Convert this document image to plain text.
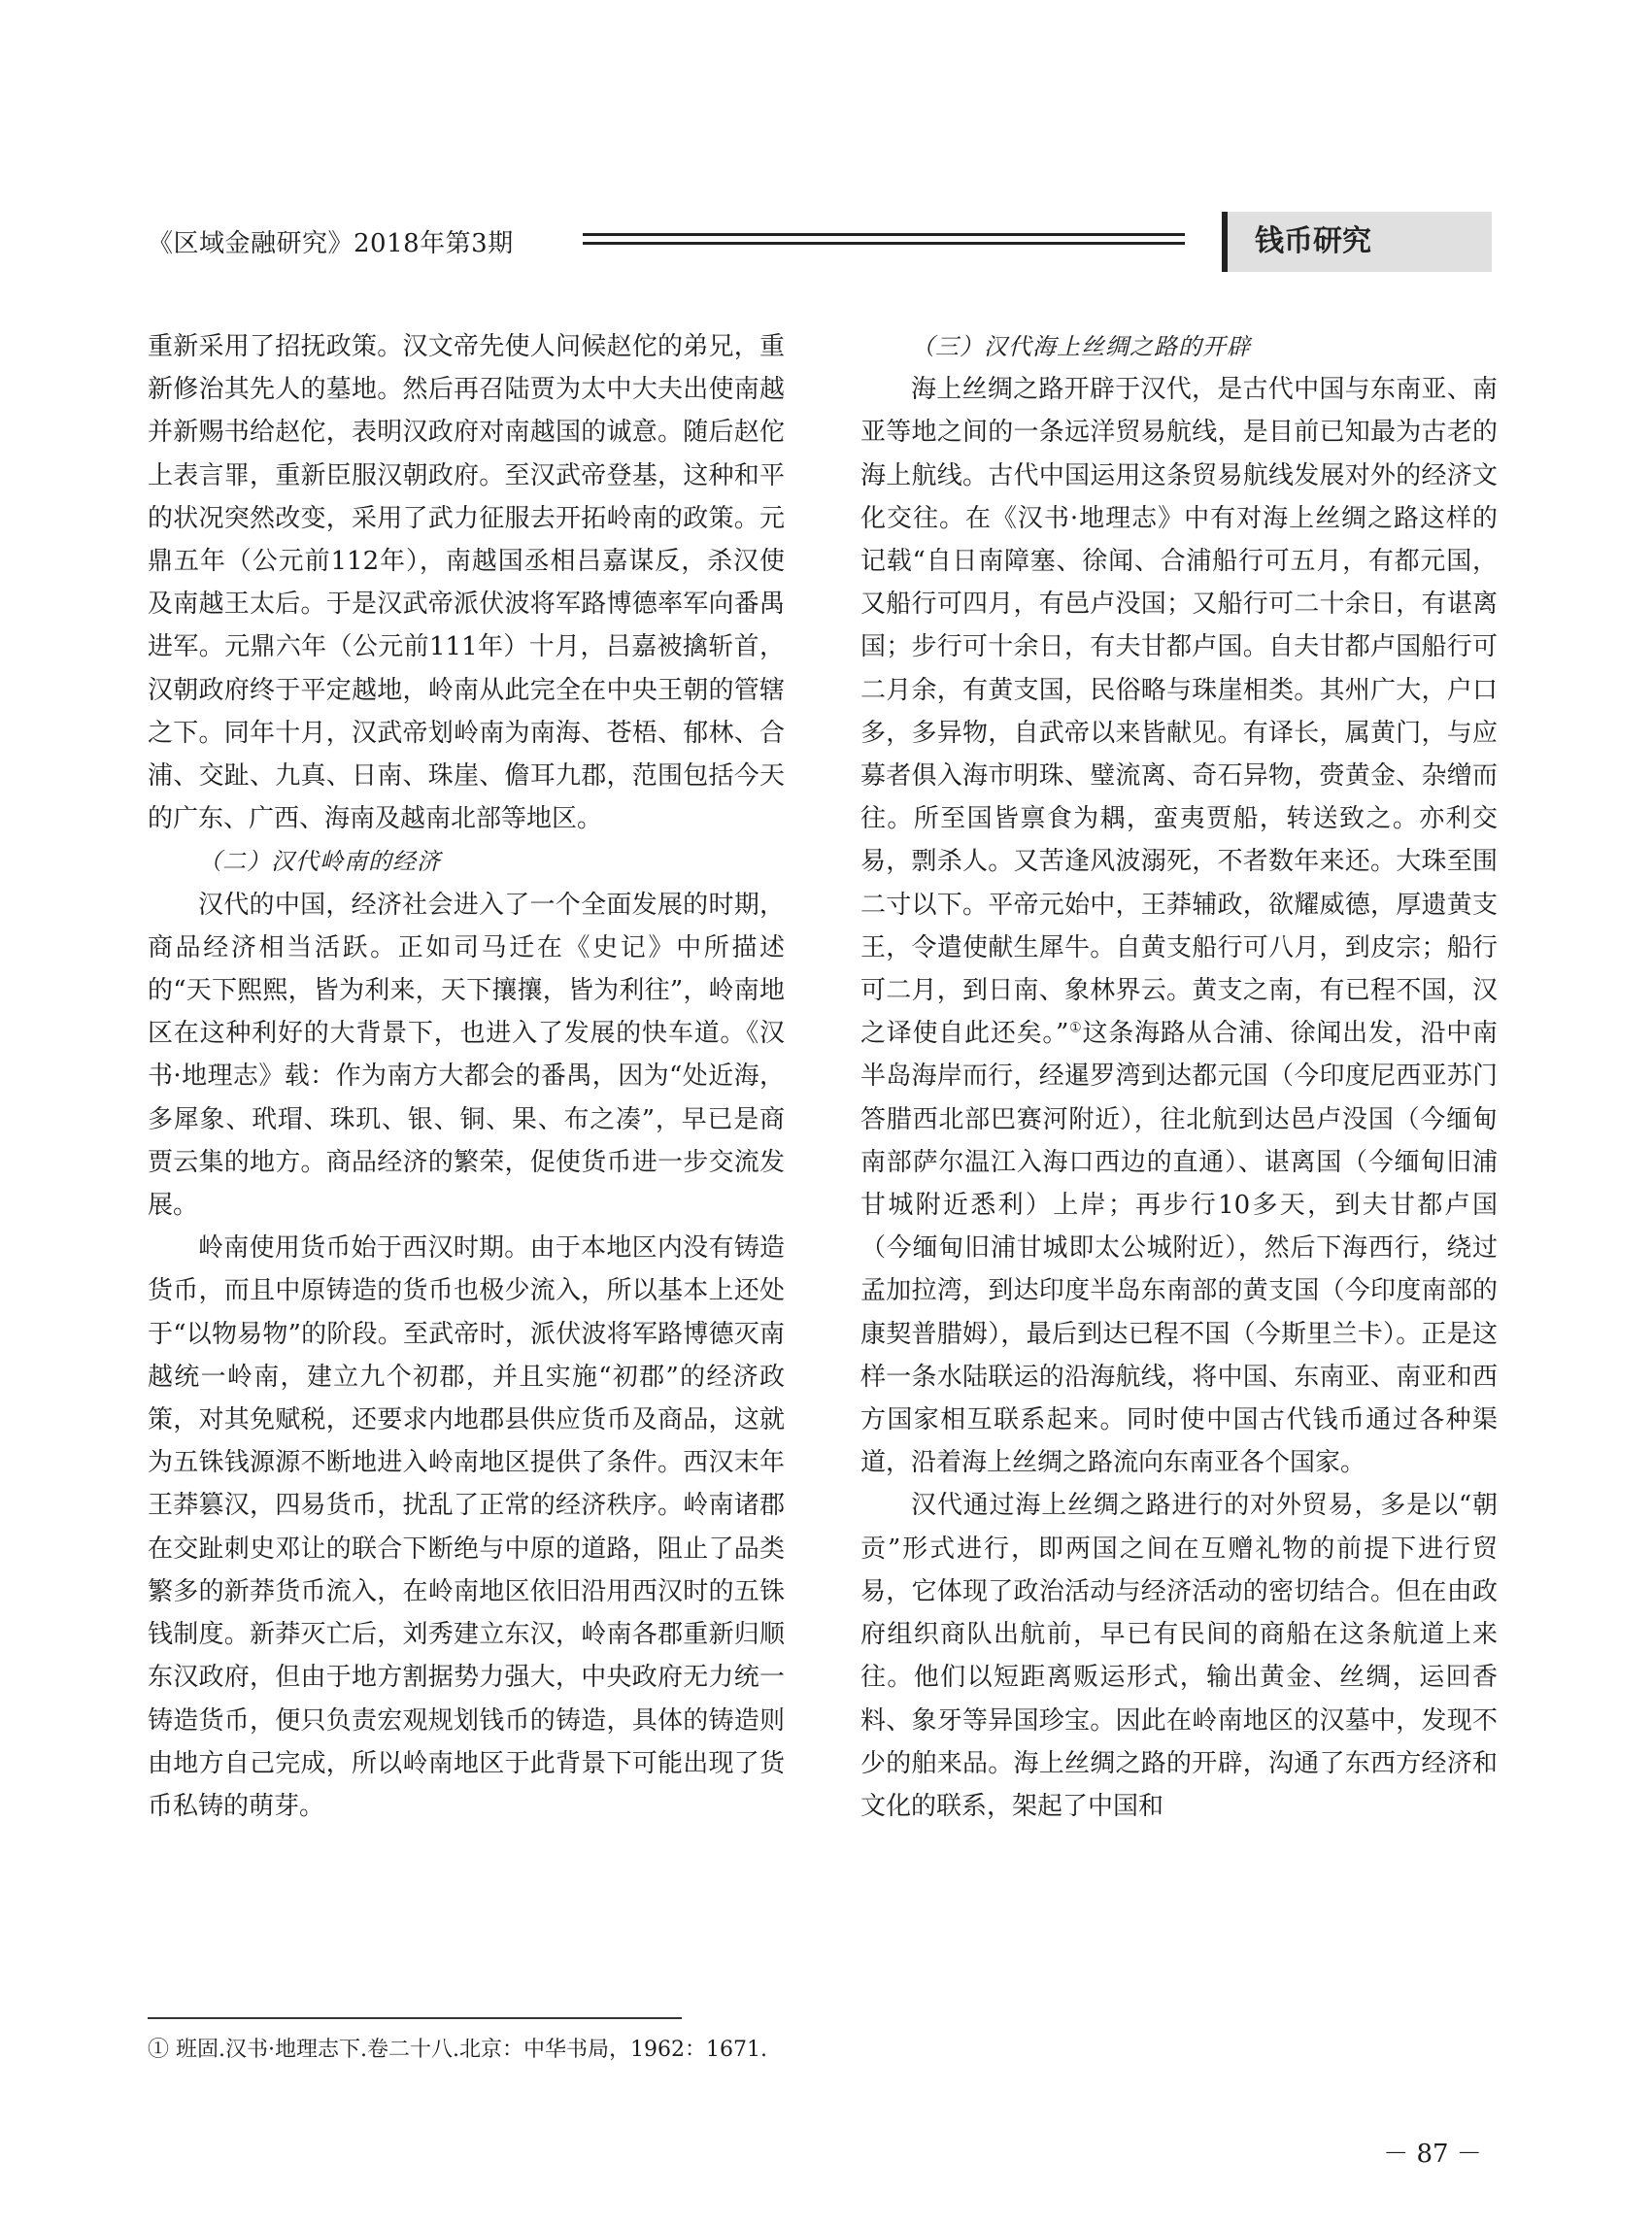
《区域金融研究》2018年第3期	钱币研究

重新采用了招抚政策。汉文帝先使人问候赵佗的弟兄，重新修治其先人的墓地。然后再召陆贾为太中大夫出使南越并新赐书给赵佗，表明汉政府对南越国的诚意。随后赵佗上表言罪，重新臣服汉朝政府。至汉武帝登基，这种和平的状况突然改变，采用了武力征服去开拓岭南的政策。元鼎五年（公元前112年），南越国丞相吕嘉谋反，杀汉使及南越王太后。于是汉武帝派伏波将军路博德率军向番禺进军。元鼎六年（公元前111年）十月，吕嘉被擒斩首，汉朝政府终于平定越地，岭南从此完全在中央王朝的管辖之下。同年十月，汉武帝划岭南为南海、苍梧、郁林、合浦、交趾、九真、日南、珠崖、儋耳九郡，范围包括今天的广东、广西、海南及越南北部等地区。

（二）汉代岭南的经济

汉代的中国，经济社会进入了一个全面发展的时期，商品经济相当活跃。正如司马迁在《史记》中所描述的“天下熙熙，皆为利来，天下攘攘，皆为利往”，岭南地区在这种利好的大背景下，也进入了发展的快车道。《汉书·地理志》载：作为南方大都会的番禺，因为“处近海，多犀象、玳瑁、珠玑、银、铜、果、布之凑”，早已是商贾云集的地方。商品经济的繁荣，促使货币进一步交流发展。

岭南使用货币始于西汉时期。由于本地区内没有铸造货币，而且中原铸造的货币也极少流入，所以基本上还处于“以物易物”的阶段。至武帝时，派伏波将军路博德灭南越统一岭南，建立九个初郡，并且实施“初郡”的经济政策，对其免赋税，还要求内地郡县供应货币及商品，这就为五铢钱源源不断地进入岭南地区提供了条件。西汉末年王莽篡汉，四易货币，扰乱了正常的经济秩序。岭南诸郡在交趾刺史邓让的联合下断绝与中原的道路，阻止了品类繁多的新莽货币流入，在岭南地区依旧沿用西汉时的五铢钱制度。新莽灭亡后，刘秀建立东汉，岭南各郡重新归顺东汉政府，但由于地方割据势力强大，中央政府无力统一铸造货币，便只负责宏观规划钱币的铸造，具体的铸造则由地方自己完成，所以岭南地区于此背景下可能出现了货币私铸的萌芽。

（三）汉代海上丝绸之路的开辟

海上丝绸之路开辟于汉代，是古代中国与东南亚、南亚等地之间的一条远洋贸易航线，是目前已知最为古老的海上航线。古代中国运用这条贸易航线发展对外的经济文化交往。在《汉书·地理志》中有对海上丝绸之路这样的记载“自日南障塞、徐闻、合浦船行可五月，有都元国，又船行可四月，有邑卢没国；又船行可二十余日，有谌离国；步行可十余日，有夫甘都卢国。自夫甘都卢国船行可二月余，有黄支国，民俗略与珠崖相类。其州广大，户口多，多异物，自武帝以来皆献见。有译长，属黄门，与应募者俱入海市明珠、璧流离、奇石异物，赍黄金、杂缯而往。所至国皆禀食为耦，蛮夷贾船，转送致之。亦利交易，剽杀人。又苦逢风波溺死，不者数年来还。大珠至围二寸以下。平帝元始中，王莽辅政，欲耀威德，厚遗黄支王，令遣使献生犀牛。自黄支船行可八月，到皮宗；船行可二月，到日南、象林界云。黄支之南，有已程不国，汉之译使自此还矣。”①这条海路从合浦、徐闻出发，沿中南半岛海岸而行，经暹罗湾到达都元国（今印度尼西亚苏门答腊西北部巴赛河附近），往北航到达邑卢没国（今缅甸南部萨尔温江入海口西边的直通）、谌离国（今缅甸旧浦甘城附近悉利）上岸；再步行10多天，到夫甘都卢国（今缅甸旧浦甘城即太公城附近），然后下海西行，绕过孟加拉湾，到达印度半岛东南部的黄支国（今印度南部的康契普腊姆），最后到达已程不国（今斯里兰卡）。正是这样一条水陆联运的沿海航线，将中国、东南亚、南亚和西方国家相互联系起来。同时使中国古代钱币通过各种渠道，沿着海上丝绸之路流向东南亚各个国家。

汉代通过海上丝绸之路进行的对外贸易，多是以“朝贡”形式进行，即两国之间在互赠礼物的前提下进行贸易，它体现了政治活动与经济活动的密切结合。但在由政府组织商队出航前，早已有民间的商船在这条航道上来往。他们以短距离贩运形式，输出黄金、丝绸，运回香料、象牙等异国珍宝。因此在岭南地区的汉墓中，发现不少的舶来品。海上丝绸之路的开辟，沟通了东西方经济和文化的联系，架起了中国和

① 班固.汉书·地理志下.卷二十八.北京：中华书局，1962：1671.
－ 87 －
